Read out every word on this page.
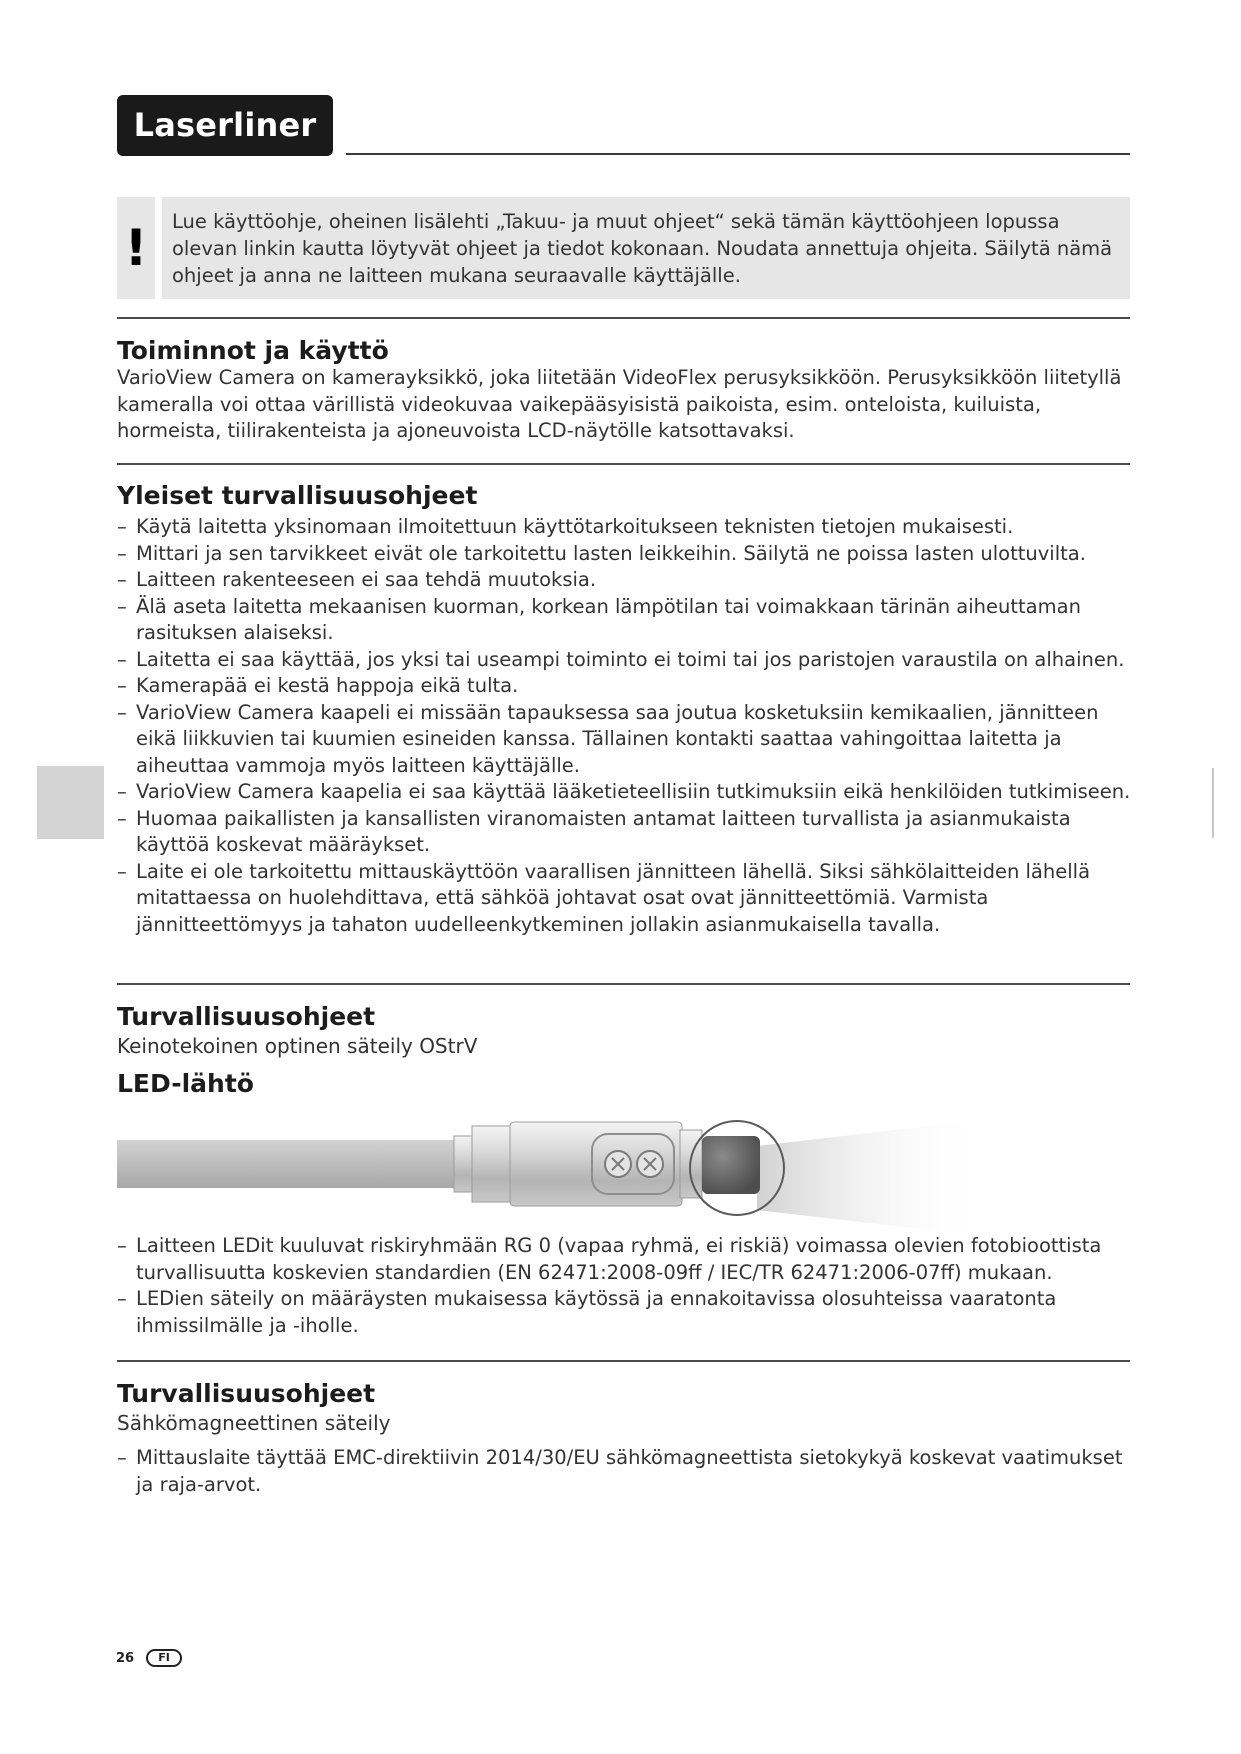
Laserliner
!	Lue käyttöohje, oheinen lisälehti „Takuu- ja muut ohjeet“ sekä tämän käyttöohjeen lopussa olevan linkin kautta löytyvät ohjeet ja tiedot kokonaan. Noudata annettuja ohjeita. Säilytä nämä ohjeet ja anna ne laitteen mukana seuraavalle käyttäjälle.
Toiminnot ja käyttö
VarioView Camera on kamerayksikkö, joka liitetään VideoFlex perusyksikköön. Perusyksikköön liitetyllä kameralla voi ottaa värillistä videokuvaa vaikepääsyisistä paikoista, esim. onteloista, kuiluista, hormeista, tiilirakenteista ja ajoneuvoista LCD-näytölle katsottavaksi.
Yleiset turvallisuusohjeet
– Käytä laitetta yksinomaan ilmoitettuun käyttötarkoitukseen teknisten tietojen mukaisesti.
– Mittari ja sen tarvikkeet eivät ole tarkoitettu lasten leikkeihin. Säilytä ne poissa lasten ulottuvilta.
– Laitteen rakenteeseen ei saa tehdä muutoksia.
– Älä aseta laitetta mekaanisen kuorman, korkean lämpötilan tai voimakkaan tärinän aiheuttaman rasituksen alaiseksi.
– Laitetta ei saa käyttää, jos yksi tai useampi toiminto ei toimi tai jos paristojen varaustila on alhainen.
– Kamerapää ei kestä happoja eikä tulta.
– VarioView Camera kaapeli ei missään tapauksessa saa joutua kosketuksiin kemikaalien, jännitteen eikä liikkuvien tai kuumien esineiden kanssa. Tällainen kontakti saattaa vahingoittaa laitetta ja aiheuttaa vammoja myös laitteen käyttäjälle.
– VarioView Camera kaapelia ei saa käyttää lääketieteellisiin tutkimuksiin eikä henkilöiden tutkimiseen.
– Huomaa paikallisten ja kansallisten viranomaisten antamat laitteen turvallista ja asianmukaista käyttöä koskevat määräykset.
– Laite ei ole tarkoitettu mittauskäyttöön vaarallisen jännitteen lähellä. Siksi sähkölaitteiden lähellä mitattaessa on huolehdittava, että sähköä johtavat osat ovat jännitteettömiä. Varmista jännitteettömyys ja tahaton uudelleenkytkeminen jollakin asianmukaisella tavalla.
Turvallisuusohjeet
Keinotekoinen optinen säteily OStrV
LED-lähtö
– Laitteen LEDit kuuluvat riskiryhmään RG 0 (vapaa ryhmä, ei riskiä) voimassa olevien fotobioottista turvallisuutta koskevien standardien (EN 62471:2008-09ff / IEC/TR 62471:2006-07ff) mukaan.
– LEDien säteily on määräysten mukaisessa käytössä ja ennakoitavissa olosuhteissa vaaratonta ihmissilmälle ja -iholle.
Turvallisuusohjeet
Sähkömagneettinen säteily
– Mittauslaite täyttää EMC-direktiivin 2014/30/EU sähkömagneettista sietokykyä koskevat vaatimukset ja raja-arvot.
26	FI
